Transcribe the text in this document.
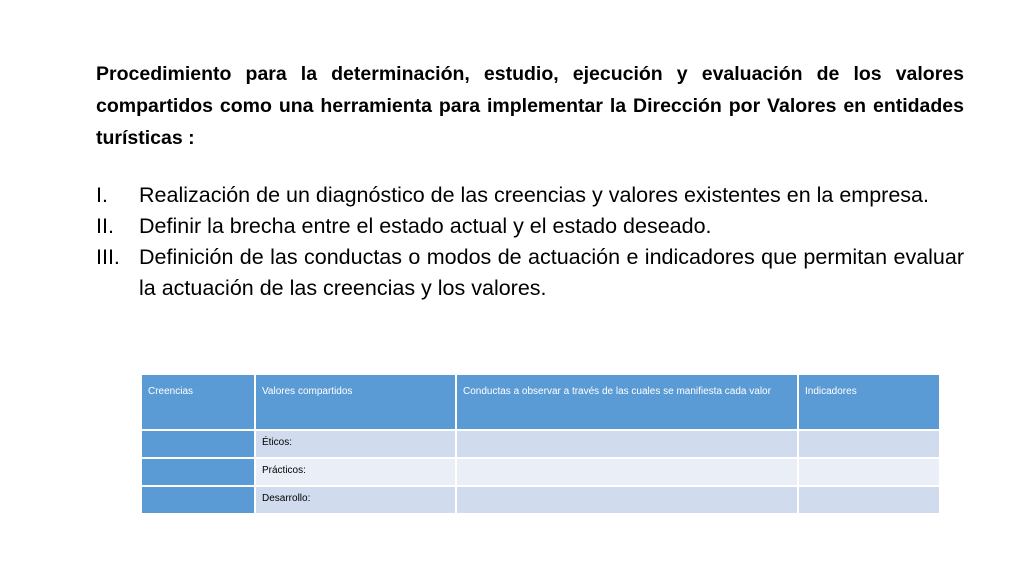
Procedimiento para la determinación, estudio, ejecución y evaluación de los valores compartidos como una herramienta para implementar la Dirección por Valores en entidades turísticas :

I. Realización de un diagnóstico de las creencias y valores existentes en la empresa.
II. Definir la brecha entre el estado actual y el estado deseado.
III. Definición de las conductas o modos de actuación e indicadores que permitan evaluar la actuación de las creencias y los valores.
Creencias	Valores compartidos	Conductas a observar a través de las cuales se manifiesta cada valor	Indicadores
	Éticos:		
	Prácticos:		
	Desarrollo:		
